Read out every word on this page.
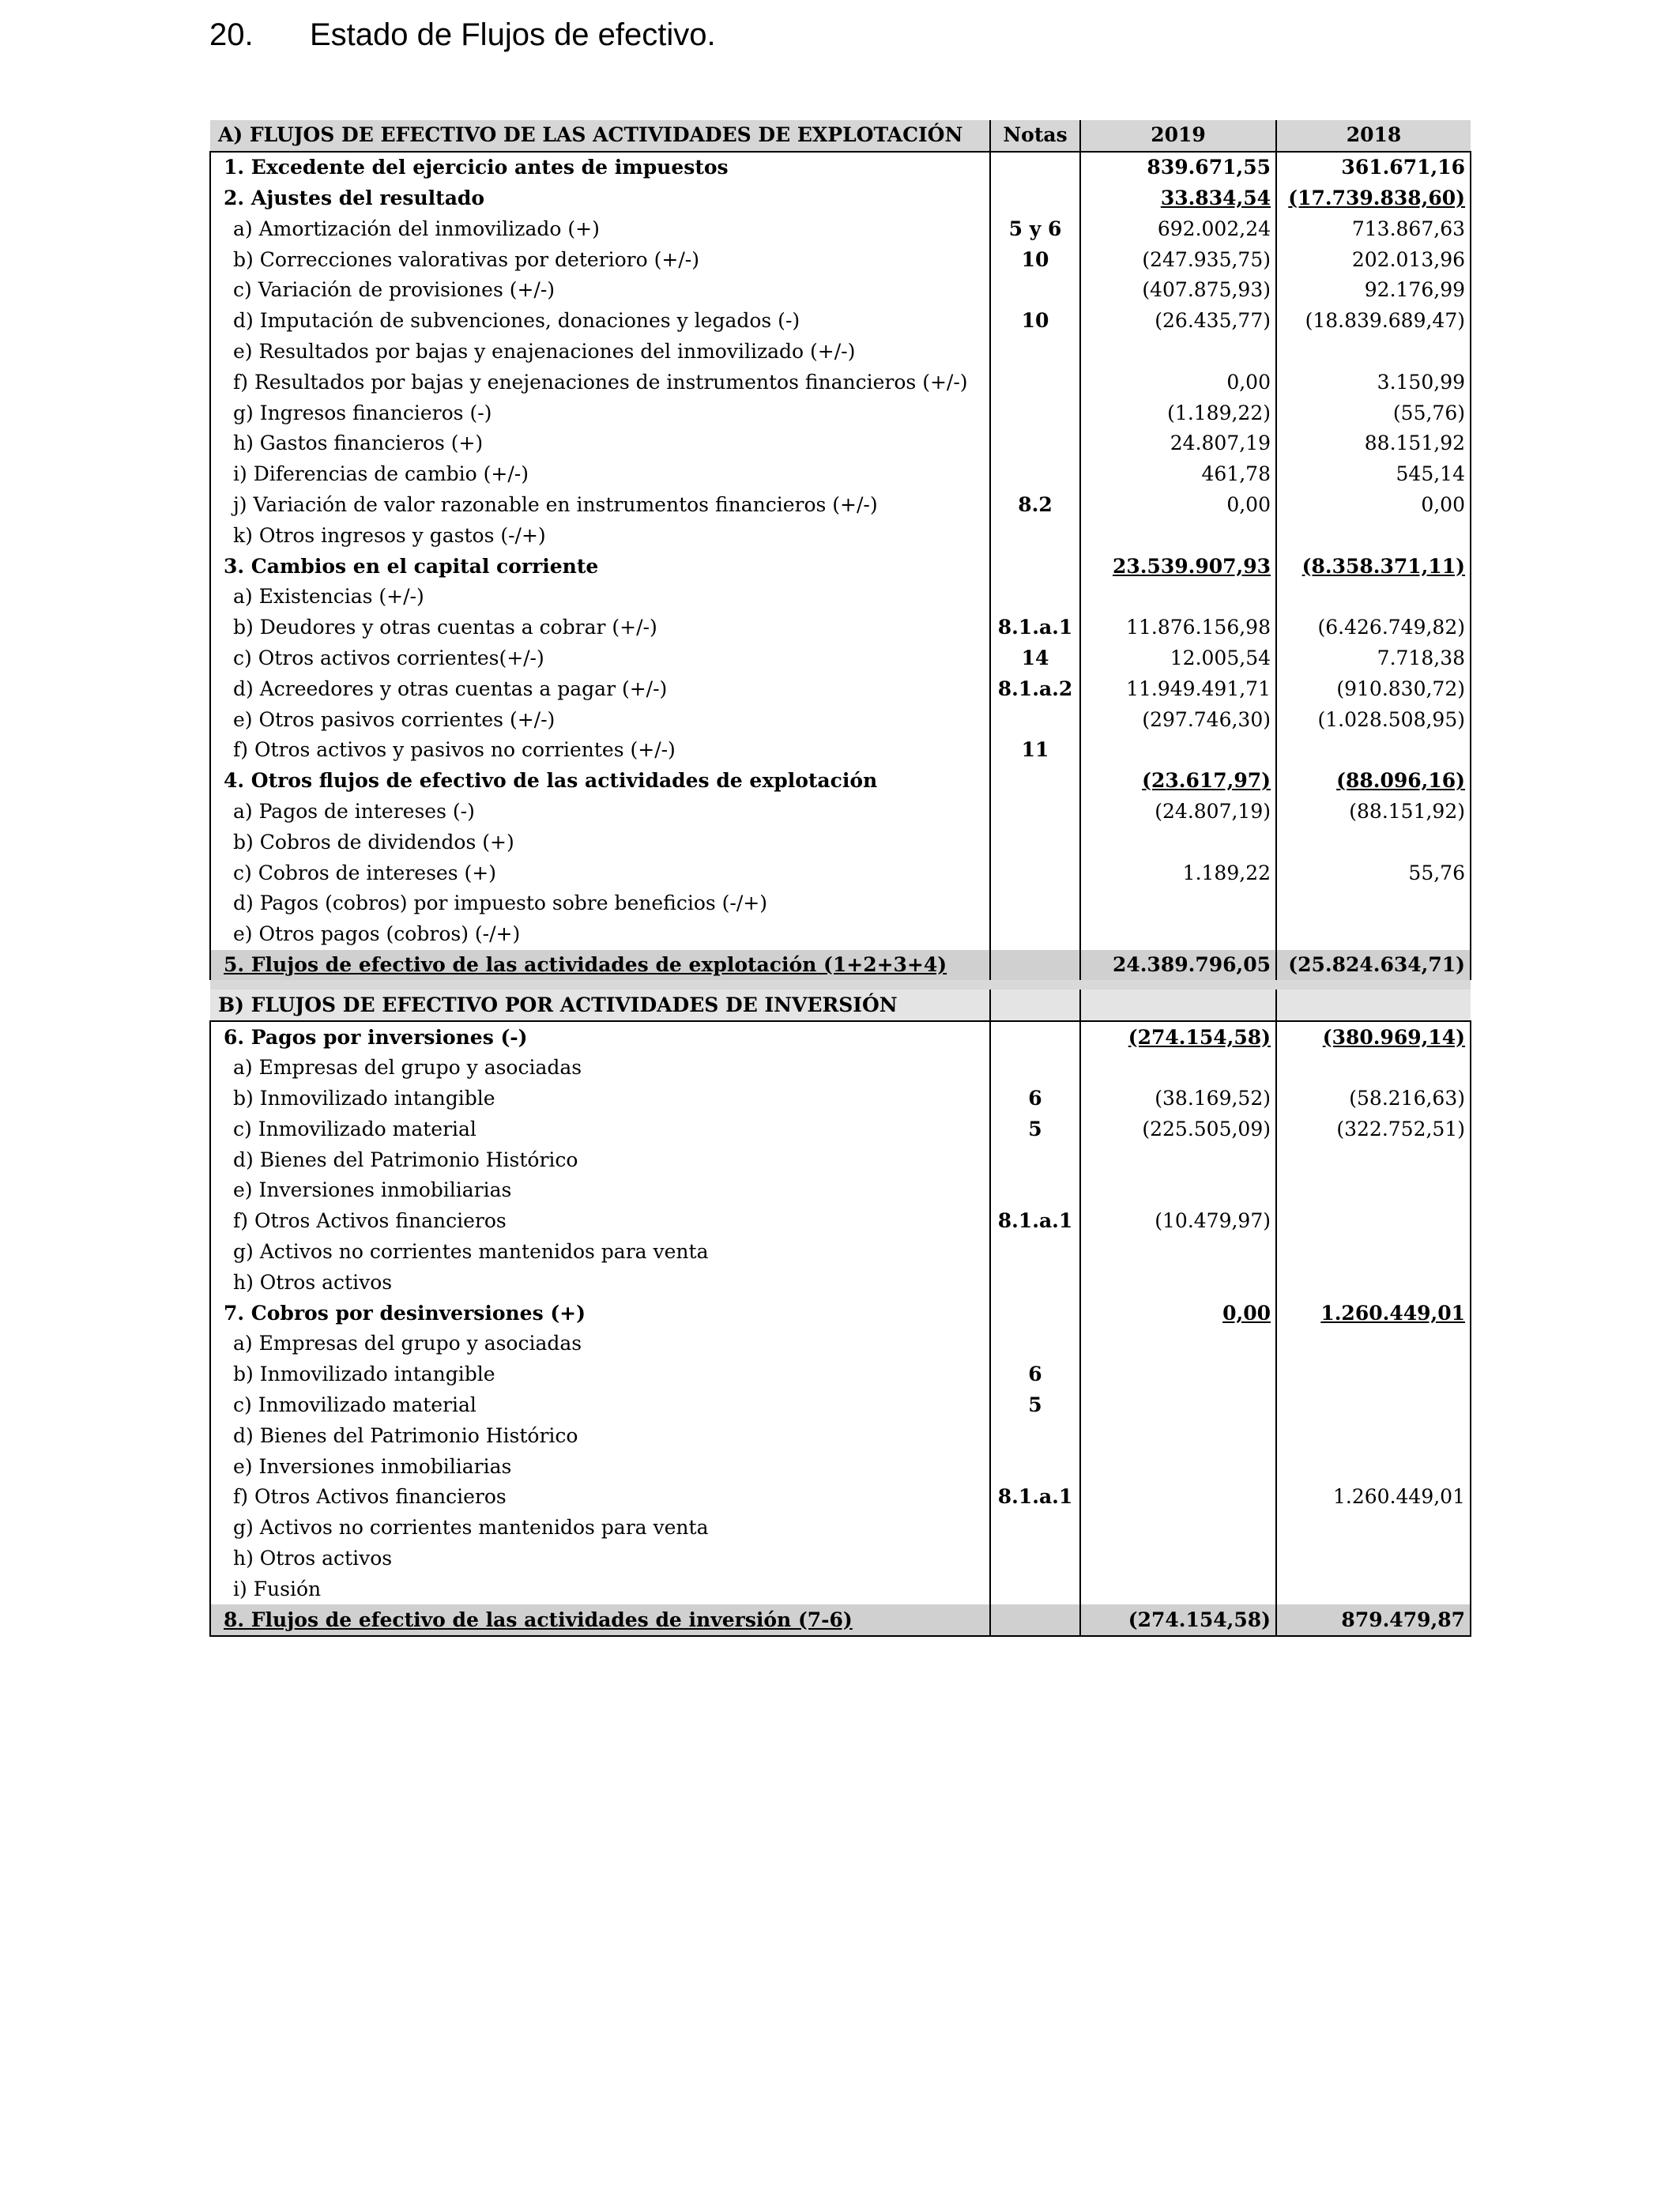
20. Estado de Flujos de efectivo.
A) FLUJOS DE EFECTIVO DE LAS ACTIVIDADES DE EXPLOTACIÓN	Notas	2019	2018
1. Excedente del ejercicio antes de impuestos		839.671,55	361.671,16
2. Ajustes del resultado		33.834,54	(17.739.838,60)
a) Amortización del inmovilizado (+)	5 y 6	692.002,24	713.867,63
b) Correcciones valorativas por deterioro (+/-)	10	(247.935,75)	202.013,96
c) Variación de provisiones (+/-)		(407.875,93)	92.176,99
d) Imputación de subvenciones, donaciones y legados (-)	10	(26.435,77)	(18.839.689,47)
e) Resultados por bajas y enajenaciones del inmovilizado (+/-)			
f) Resultados por bajas y enejenaciones de instrumentos financieros (+/-)		0,00	3.150,99
g) Ingresos financieros (-)		(1.189,22)	(55,76)
h) Gastos financieros (+)		24.807,19	88.151,92
i) Diferencias de cambio (+/-)		461,78	545,14
j) Variación de valor razonable en instrumentos financieros (+/-)	8.2	0,00	0,00
k) Otros ingresos y gastos (-/+)			
3. Cambios en el capital corriente		23.539.907,93	(8.358.371,11)
a) Existencias (+/-)			
b) Deudores y otras cuentas a cobrar (+/-)	8.1.a.1	11.876.156,98	(6.426.749,82)
c) Otros activos corrientes(+/-)	14	12.005,54	7.718,38
d) Acreedores y otras cuentas a pagar (+/-)	8.1.a.2	11.949.491,71	(910.830,72)
e) Otros pasivos corrientes (+/-)		(297.746,30)	(1.028.508,95)
f) Otros activos y pasivos no corrientes (+/-)	11		
4. Otros flujos de efectivo de las actividades de explotación		(23.617,97)	(88.096,16)
a) Pagos de intereses (-)		(24.807,19)	(88.151,92)
b) Cobros de dividendos (+)			
c) Cobros de intereses (+)		1.189,22	55,76
d) Pagos (cobros) por impuesto sobre beneficios (-/+)			
e) Otros pagos (cobros) (-/+)			
5. Flujos de efectivo de las actividades de explotación (1+2+3+4)		24.389.796,05	(25.824.634,71)

B) FLUJOS DE EFECTIVO POR ACTIVIDADES DE INVERSIÓN			
6. Pagos por inversiones (-)		(274.154,58)	(380.969,14)
a) Empresas del grupo y asociadas			
b) Inmovilizado intangible	6	(38.169,52)	(58.216,63)
c) Inmovilizado material	5	(225.505,09)	(322.752,51)
d) Bienes del Patrimonio Histórico			
e) Inversiones inmobiliarias			
f) Otros Activos financieros	8.1.a.1	(10.479,97)	
g) Activos no corrientes mantenidos para venta			
h) Otros activos			
7. Cobros por desinversiones (+)		0,00	1.260.449,01
a) Empresas del grupo y asociadas			
b) Inmovilizado intangible	6		
c) Inmovilizado material	5		
d) Bienes del Patrimonio Histórico			
e) Inversiones inmobiliarias			
f) Otros Activos financieros	8.1.a.1		1.260.449,01
g) Activos no corrientes mantenidos para venta			
h) Otros activos			
i) Fusión			
8. Flujos de efectivo de las actividades de inversión (7-6)		(274.154,58)	879.479,87
